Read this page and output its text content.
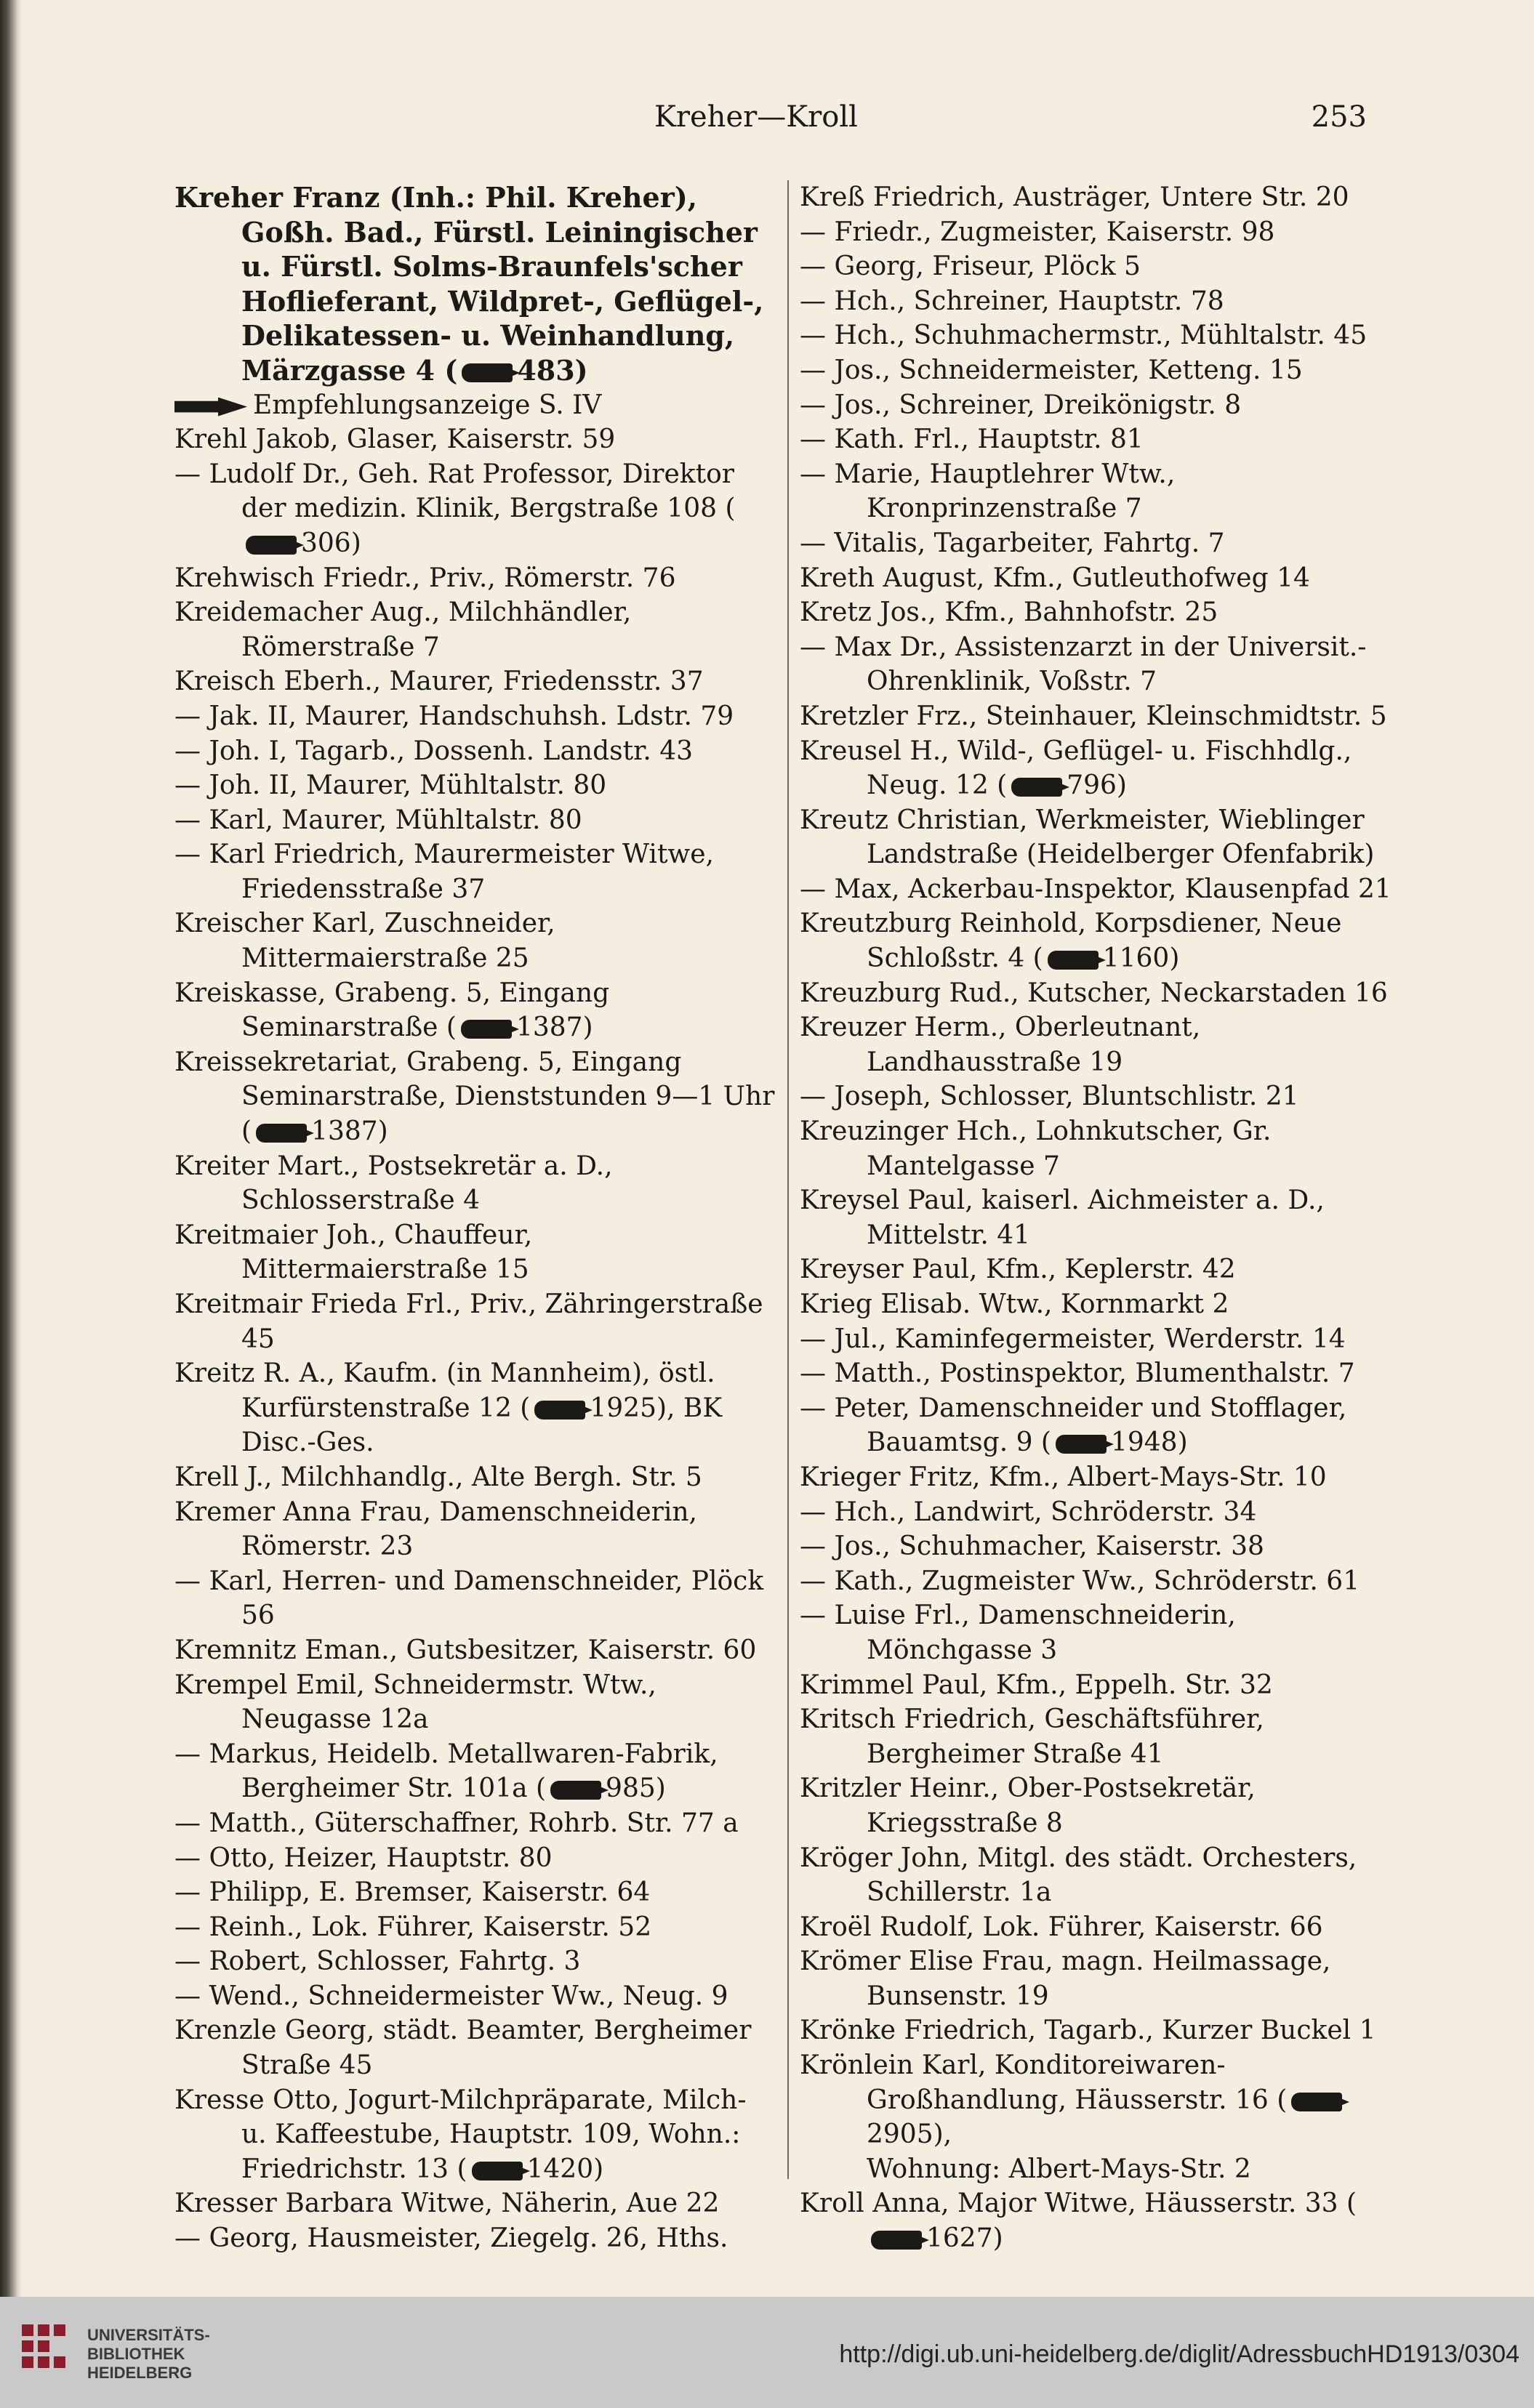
Kreher—Kroll	253
Kreher Franz (Inh.: Phil. Kreher), Goßh. Bad., Fürstl. Leiningischer u. Fürstl. Solms-Braunfels'scher Hoflieferant, Wildpret-, Geflügel-, Delikatessen- u. Weinhandlung, Märzgasse 4 ( 483)
Empfehlungsanzeige S. IV
Krehl Jakob, Glaser, Kaiserstr. 59
— Ludolf Dr., Geh. Rat Professor, Direktor der medizin. Klinik, Bergstraße 108 (306)
Krehwisch Friedr., Priv., Römerstr. 76
Kreidemacher Aug., Milchhändler, Römerstraße 7
Kreisch Eberh., Maurer, Friedensstr. 37
— Jak. II, Maurer, Handschuhsh. Ldstr. 79
— Joh. I, Tagarb., Dossenh. Landstr. 43
— Joh. II, Maurer, Mühltalstr. 80
— Karl, Maurer, Mühltalstr. 80
— Karl Friedrich, Maurermeister Witwe, Friedensstraße 37
Kreischer Karl, Zuschneider, Mittermaierstraße 25
Kreiskasse, Grabeng. 5, Eingang Seminarstraße ( 1387)
Kreissekretariat, Grabeng. 5, Eingang Seminarstraße, Dienststunden 9—1 Uhr ( 1387)
Kreiter Mart., Postsekretär a. D., Schlosserstraße 4
Kreitmaier Joh., Chauffeur, Mittermaierstraße 15
Kreitmair Frieda Frl., Priv., Zähringerstraße 45
Kreitz R. A., Kaufm. (in Mannheim), östl. Kurfürstenstraße 12 ( 1925), BK Disc.-Ges.
Krell J., Milchhandlg., Alte Bergh. Str. 5
Kremer Anna Frau, Damenschneiderin, Römerstr. 23
— Karl, Herren- und Damenschneider, Plöck 56
Kremnitz Eman., Gutsbesitzer, Kaiserstr. 60
Krempel Emil, Schneidermstr. Wtw., Neugasse 12a
— Markus, Heidelb. Metallwaren-Fabrik, Bergheimer Str. 101a ( 985)
— Matth., Güterschaffner, Rohrb. Str. 77 a
— Otto, Heizer, Hauptstr. 80
— Philipp, E. Bremser, Kaiserstr. 64
— Reinh., Lok. Führer, Kaiserstr. 52
— Robert, Schlosser, Fahrtg. 3
— Wend., Schneidermeister Ww., Neug. 9
Krenzle Georg, städt. Beamter, Bergheimer Straße 45
Kresse Otto, Jogurt-Milchpräparate, Milch- u. Kaffeestube, Hauptstr. 109, Wohn.: Friedrichstr. 13 ( 1420)
Kresser Barbara Witwe, Näherin, Aue 22
— Georg, Hausmeister, Ziegelg. 26, Hths.
Kreß Friedrich, Austräger, Untere Str. 20
— Friedr., Zugmeister, Kaiserstr. 98
— Georg, Friseur, Plöck 5
— Hch., Schreiner, Hauptstr. 78
— Hch., Schuhmachermstr., Mühltalstr. 45
— Jos., Schneidermeister, Ketteng. 15
— Jos., Schreiner, Dreikönigstr. 8
— Kath. Frl., Hauptstr. 81
— Marie, Hauptlehrer Wtw., Kronprinzenstraße 7
— Vitalis, Tagarbeiter, Fahrtg. 7
Kreth August, Kfm., Gutleuthofweg 14
Kretz Jos., Kfm., Bahnhofstr. 25
— Max Dr., Assistenzarzt in der Universit.-Ohrenklinik, Voßstr. 7
Kretzler Frz., Steinhauer, Kleinschmidtstr. 5
Kreusel H., Wild-, Geflügel- u. Fischhdlg., Neug. 12 ( 796)
Kreutz Christian, Werkmeister, Wieblinger Landstraße (Heidelberger Ofenfabrik)
— Max, Ackerbau-Inspektor, Klausenpfad 21
Kreutzburg Reinhold, Korpsdiener, Neue Schloßstr. 4 ( 1160)
Kreuzburg Rud., Kutscher, Neckarstaden 16
Kreuzer Herm., Oberleutnant, Landhausstraße 19
— Joseph, Schlosser, Bluntschlistr. 21
Kreuzinger Hch., Lohnkutscher, Gr. Mantelgasse 7
Kreysel Paul, kaiserl. Aichmeister a. D., Mittelstr. 41
Kreyser Paul, Kfm., Keplerstr. 42
Krieg Elisab. Wtw., Kornmarkt 2
— Jul., Kaminfegermeister, Werderstr. 14
— Matth., Postinspektor, Blumenthalstr. 7
— Peter, Damenschneider und Stofflager, Bauamtsg. 9 ( 1948)
Krieger Fritz, Kfm., Albert-Mays-Str. 10
— Hch., Landwirt, Schröderstr. 34
— Jos., Schuhmacher, Kaiserstr. 38
— Kath., Zugmeister Ww., Schröderstr. 61
— Luise Frl., Damenschneiderin, Mönchgasse 3
Krimmel Paul, Kfm., Eppelh. Str. 32
Kritsch Friedrich, Geschäftsführer, Bergheimer Straße 41
Kritzler Heinr., Ober-Postsekretär, Kriegsstraße 8
Kröger John, Mitgl. des städt. Orchesters, Schillerstr. 1a
Kroël Rudolf, Lok. Führer, Kaiserstr. 66
Krömer Elise Frau, magn. Heilmassage, Bunsenstr. 19
Krönke Friedrich, Tagarb., Kurzer Buckel 1
Krönlein Karl, Konditoreiwaren-Großhandlung, Häusserstr. 16 (2905),
Wohnung: Albert-Mays-Str. 2
Kroll Anna, Major Witwe, Häusserstr. 33 (1627)
UNIVERSITÄTS-
BIBLIOTHEK
HEIDELBERG
http://digi.ub.uni-heidelberg.de/diglit/AdressbuchHD1913/0304
